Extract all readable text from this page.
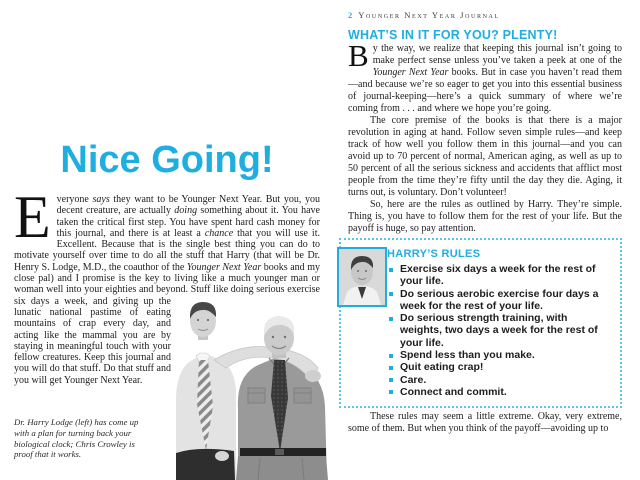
Nice Going!

E veryone says they want to be Younger Next Year. But you, you decent creature, are actually doing something about it. You have taken the critical first step. You have spent hard cash money for this journal, and there is at least a chance that you will use it. Excellent. Because that is the single best thing you can do to motivate yourself over time to do all the stuff that Harry (that will be Dr. Henry S. Lodge, M.D., the coauthor of the Younger Next Year books and my close pal) and I promise is the key to living like a much younger man or woman well into your eighties and beyond. Stuff like doing serious exercise six days a week,
and giving up the lunatic national pastime of eating mountains of crap every day, and acting like the mammal you are by staying in meaningful touch with your fellow creatures. Keep this journal and you will do that stuff. Do that stuff and you will get Younger Next Year.

Dr. Harry Lodge (left) has come up with a plan for turning back your biological clock; Chris Crowley is proof that it works.

2 Younger Next Year Journal
WHAT’S IN IT FOR YOU? PLENTY!

By the way, we realize that keeping this journal isn’t going to make perfect sense unless you’ve taken a peek at one of the Younger Next Year books. But in case you haven’t read them—and because we’re so eager to get you into this essential business of journal-keeping—here’s a quick summary of where we’re coming from . . . and where we hope you’re going.

The core premise of the books is that there is a major revolution in aging at hand. Follow seven simple rules—and keep track of how well you follow them in this journal—and you can avoid up to 70 percent of normal, American aging, as well as up to 50 percent of all the serious sickness and accidents that afflict most people from the time they’re fifty until the day they die. Aging, it turns out, is voluntary. Don’t volunteer!

So, here are the rules as outlined by Harry. They’re simple. Thing is, you have to follow them for the rest of your life. But the payoff is huge, so pay attention.

HARRY’S RULES
Exercise six days a week for the rest of your life.
Do serious aerobic exercise four days a week for the rest of your life.
Do serious strength training, with weights, two days a week for the rest of your life.
Spend less than you make.
Quit eating crap!
Care.
Connect and commit.

These rules may seem a little extreme. Okay, very extreme, some of them. But when you think of the payoff—avoiding up to
